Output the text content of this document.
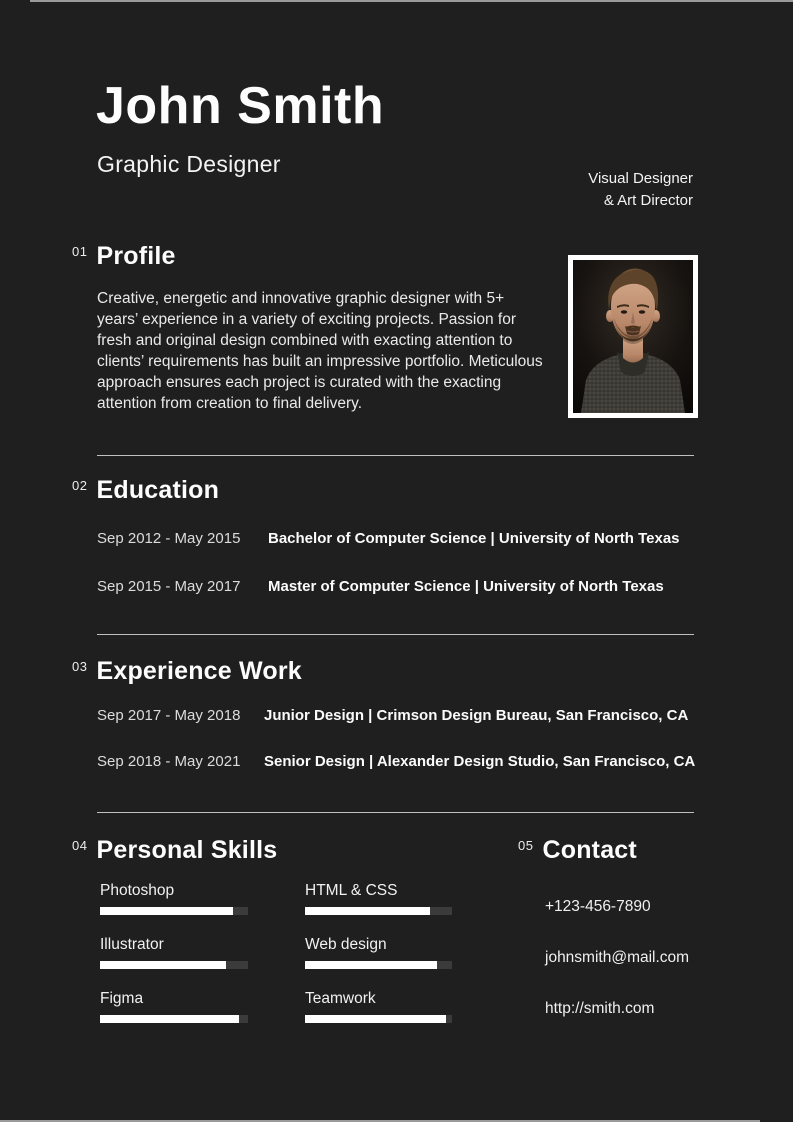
John Smith
Graphic Designer
Visual Designer
& Art Director
01 Profile
Creative, energetic and innovative graphic designer with 5+ years’ experience in a variety of exciting projects. Passion for fresh and original design combined with exacting attention to clients’ requirements has built an impressive portfolio. Meticulous approach ensures each project is curated with the exacting attention from creation to final delivery.
02 Education
Sep 2012 - May 2015 Bachelor of Computer Science | University of North Texas
Sep 2015 - May 2017 Master of Computer Science | University of North Texas
03 Experience Work
Sep 2017 - May 2018 Junior Design | Crimson Design Bureau, San Francisco, CA
Sep 2018 - May 2021 Senior Design | Alexander Design Studio, San Francisco, CA
04 Personal Skills
Photoshop
Illustrator
Figma
HTML & CSS
Web design
Teamwork
05 Contact
+123-456-7890
johnsmith@mail.com
http://smith.com
